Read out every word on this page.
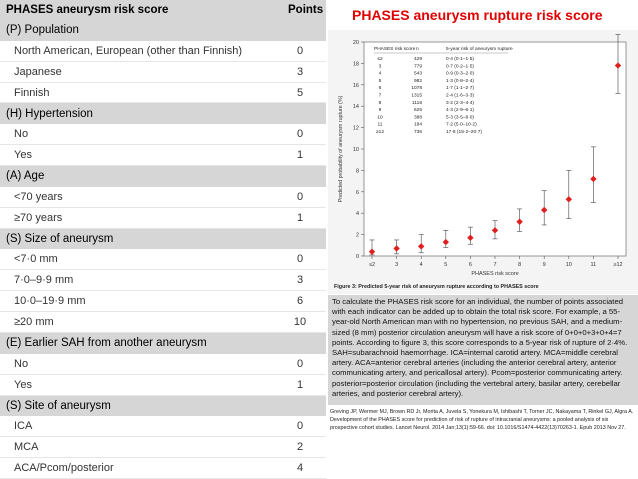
PHASES aneurysm risk score	Points
(P) Population
North American, European (other than Finnish)	0
Japanese	3
Finnish	5
(H) Hypertension
No	0
Yes	1
(A) Age
<70 years	0
≥70 years	1
(S) Size of aneurysm
<7·0 mm	0
7·0–9·9 mm	3
10·0–19·9 mm	6
≥20 mm	10
(E) Earlier SAH from another aneurysm
No	0
Yes	1
(S) Site of aneurysm
ICA	0
MCA	2
ACA/Pcom/posterior	4
PHASES aneurysm rupture risk score
0
2
4
6
8
10
12
14
16
18
20
≤2	3	4	5	6	7	8	9	10	11	≥12
PHASES risk score
Predicted probability of aneurysm rupture (%)
PHASES risk score n	5-year risk of aneurysm rupture
≤2	429	0·4 (0·1–1·5)
3	779	0·7 (0·2–1·5)
4	543	0·9 (0·3–2·0)
5	982	1·3 (0·8–2·4)
6	1078	1·7 (1·1–2·7)
7	1315	2·4 (1·6–3·3)
8	1118	3·2 (2·3–4·4)
9	625	4·3 (2·9–6·1)
10	388	5·3 (3·5–8·0)
11	184	7·2 (5·0–10·2)
≥12	736	17·8 (15·2–20·7)
Figure 3: Predicted 5-year risk of aneurysm rupture according to PHASES score
To calculate the PHASES risk score for an individual, the number of points associated with each indicator can be added up to obtain the total risk score. For example, a 55-year-old North American man with no hypertension, no previous SAH, and a medium-sized (8 mm) posterior circulation aneurysm will have a risk score of 0+0+0+3+0+4=7 points. According to figure 3, this score corresponds to a 5-year risk of rupture of 2·4%. SAH=subarachnoid haemorrhage. ICA=internal carotid artery. MCA=middle cerebral artery. ACA=anterior cerebral arteries (including the anterior cerebral artery, anterior communicating artery, and pericallosal artery). Pcom=posterior communicating artery. posterior=posterior circulation (including the vertebral artery, basilar artery, cerebellar arteries, and posterior cerebral artery).
Greving JP, Wermer MJ, Brown RD Jr, Morita A, Juvela S, Yonekura M, Ishibashi T, Torner JC, Nakayama T, Rinkel GJ, Algra A. Development of the PHASES score for prediction of risk of rupture of intracranial aneurysms: a pooled analysis of six prospective cohort studies. Lancet Neurol. 2014 Jan;13(1):59-66. doi: 10.1016/S1474-4422(13)70263-1. Epub 2013 Nov 27.
